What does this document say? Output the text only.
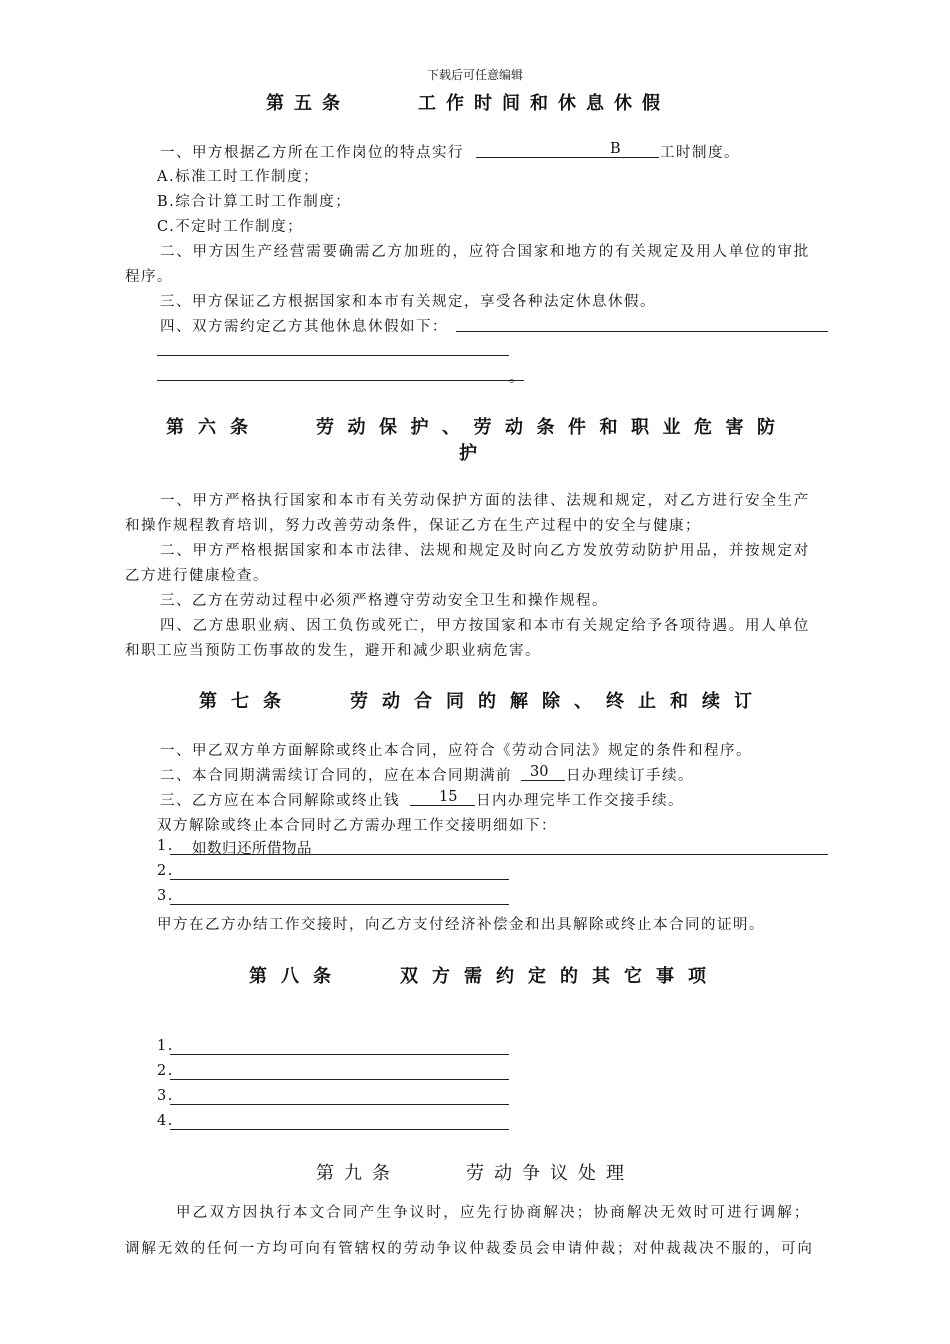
下载后可任意编辑
第五条	工作时间和休息休假
一、甲方根据乙方所在工作岗位的特点实行	B	工时制度。
A.标准工时工作制度；
B.综合计算工时工作制度；
C.不定时工作制度；
二、甲方因生产经营需要确需乙方加班的，应符合国家和地方的有关规定及用人单位的审批
程序。
三、甲方保证乙方根据国家和本市有关规定，享受各种法定休息休假。
四、双方需约定乙方其他休息休假如下：
。
第六条	劳动保护、劳动条件和职业危害防
护
一、甲方严格执行国家和本市有关劳动保护方面的法律、法规和规定，对乙方进行安全生产
和操作规程教育培训，努力改善劳动条件，保证乙方在生产过程中的安全与健康；
二、甲方严格根据国家和本市法律、法规和规定及时向乙方发放劳动防护用品，并按规定对
乙方进行健康检查。
三、乙方在劳动过程中必须严格遵守劳动安全卫生和操作规程。
四、乙方患职业病、因工负伤或死亡，甲方按国家和本市有关规定给予各项待遇。用人单位
和职工应当预防工伤事故的发生，避开和减少职业病危害。
第七条	劳动合同的解除、终止和续订
一、甲乙双方单方面解除或终止本合同，应符合《劳动合同法》规定的条件和程序。
二、本合同期满需续订合同的，应在本合同期满前 30 日办理续订手续。
三、乙方应在本合同解除或终止钱	15 日内办理完毕工作交接手续。
双方解除或终止本合同时乙方需办理工作交接明细如下：
1. 如数归还所借物品
2.
3.
甲方在乙方办结工作交接时，向乙方支付经济补偿金和出具解除或终止本合同的证明。
第八条	双方需约定的其它事项
1.
2.
3.
4.
第九条	劳动争议处理
甲乙双方因执行本文合同产生争议时，应先行协商解决；协商解决无效时可进行调解；
调解无效的任何一方均可向有管辖权的劳动争议仲裁委员会申请仲裁；对仲裁裁决不服的，可向
